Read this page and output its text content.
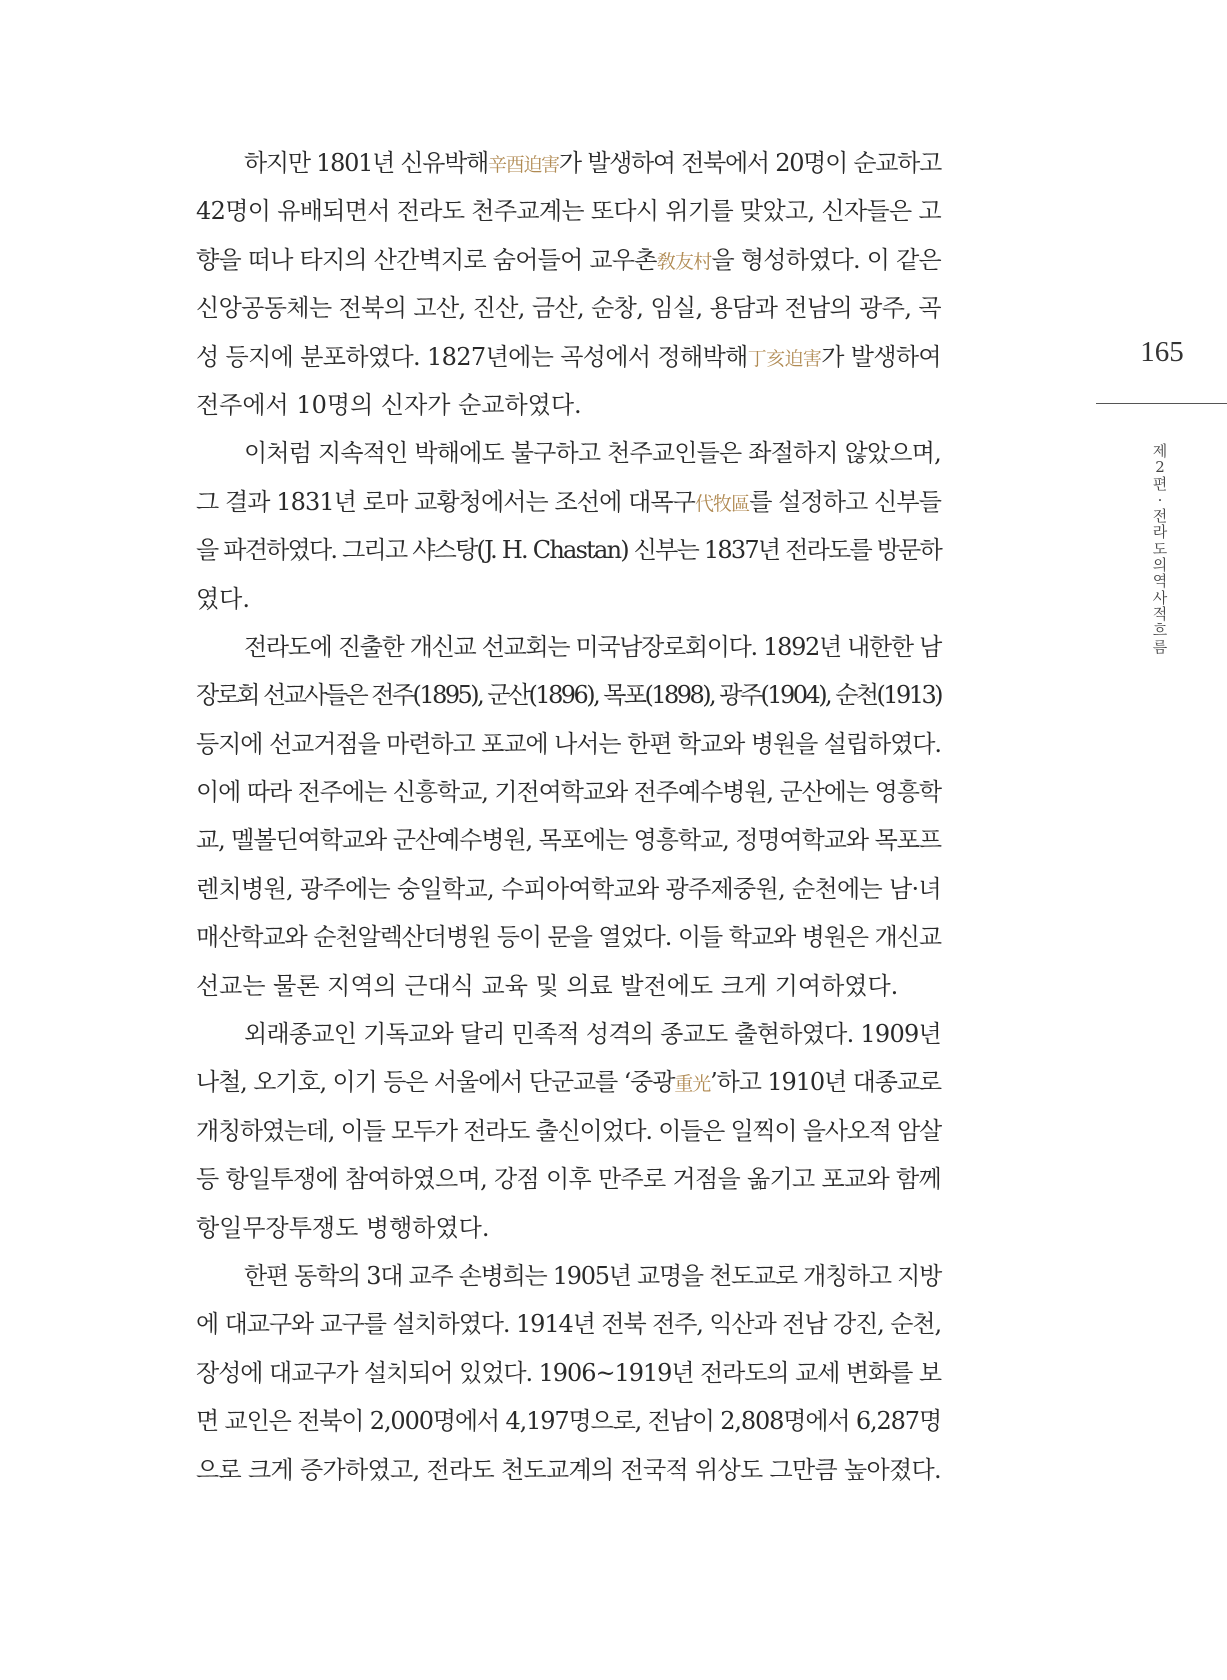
하지만 1801년 신유박해辛酉迫害가 발생하여 전북에서 20명이 순교하고
42명이 유배되면서 전라도 천주교계는 또다시 위기를 맞았고, 신자들은 고
향을 떠나 타지의 산간벽지로 숨어들어 교우촌敎友村을 형성하였다. 이 같은
신앙공동체는 전북의 고산, 진산, 금산, 순창, 임실, 용담과 전남의 광주, 곡
성 등지에 분포하였다. 1827년에는 곡성에서 정해박해丁亥迫害가 발생하여
전주에서 10명의 신자가 순교하였다.
이처럼 지속적인 박해에도 불구하고 천주교인들은 좌절하지 않았으며,
그 결과 1831년 로마 교황청에서는 조선에 대목구代牧區를 설정하고 신부들
을 파견하였다. 그리고 샤스탕(J. H. Chastan) 신부는 1837년 전라도를 방문하
였다.
전라도에 진출한 개신교 선교회는 미국남장로회이다. 1892년 내한한 남
장로회 선교사들은 전주(1895), 군산(1896), 목포(1898), 광주(1904), 순천(1913)
등지에 선교거점을 마련하고 포교에 나서는 한편 학교와 병원을 설립하였다.
이에 따라 전주에는 신흥학교, 기전여학교와 전주예수병원, 군산에는 영흥학
교, 멜볼딘여학교와 군산예수병원, 목포에는 영흥학교, 정명여학교와 목포프
렌치병원, 광주에는 숭일학교, 수피아여학교와 광주제중원, 순천에는 남·녀
매산학교와 순천알렉산더병원 등이 문을 열었다. 이들 학교와 병원은 개신교
선교는 물론 지역의 근대식 교육 및 의료 발전에도 크게 기여하였다.
외래종교인 기독교와 달리 민족적 성격의 종교도 출현하였다. 1909년
나철, 오기호, 이기 등은 서울에서 단군교를 ‘중광重光’하고 1910년 대종교로
개칭하였는데, 이들 모두가 전라도 출신이었다. 이들은 일찍이 을사오적 암살
등 항일투쟁에 참여하였으며, 강점 이후 만주로 거점을 옮기고 포교와 함께
항일무장투쟁도 병행하였다.
한편 동학의 3대 교주 손병희는 1905년 교명을 천도교로 개칭하고 지방
에 대교구와 교구를 설치하였다. 1914년 전북 전주, 익산과 전남 강진, 순천,
장성에 대교구가 설치되어 있었다. 1906~1919년 전라도의 교세 변화를 보
면 교인은 전북이 2,000명에서 4,197명으로, 전남이 2,808명에서 6,287명
으로 크게 증가하였고, 전라도 천도교계의 전국적 위상도 그만큼 높아졌다.
165
제
2
편
·
전
라
도
의
역
사
적
흐
름
